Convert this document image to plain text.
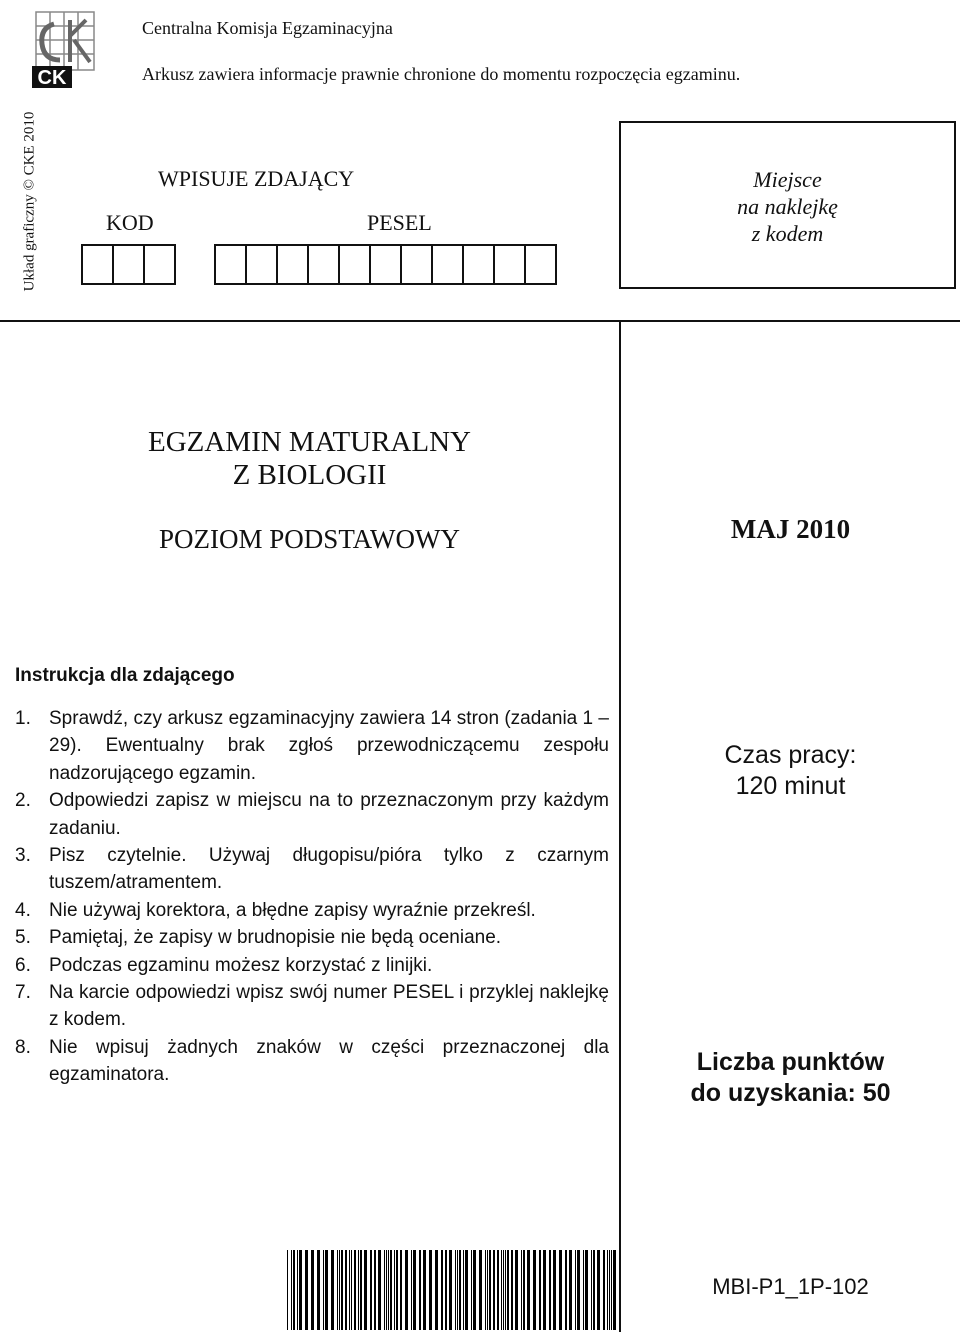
CK
Centralna Komisja Egzaminacyjna
Arkusz zawiera informacje prawnie chronione do momentu rozpoczęcia egzaminu.
Układ graficzny © CKE 2010	WPISUJE ZDAJĄCY
KOD	PESEL
Miejsce
na naklejkę
z kodem
EGZAMIN MATURALNY
Z BIOLOGII
POZIOM PODSTAWOWY	MAJ 2010
Instrukcja dla zdającego
1. Sprawdź, czy arkusz egzaminacyjny zawiera 14 stron (zadania 1 – 29). Ewentualny brak zgłoś przewodniczącemu zespołu nadzorującego egzamin.
2. Odpowiedzi zapisz w miejscu na to przeznaczonym przy każdym zadaniu.
3. Pisz czytelnie. Używaj długopisu/pióra tylko z czarnym tuszem/atramentem.
4. Nie używaj korektora, a błędne zapisy wyraźnie przekreśl.
5. Pamiętaj, że zapisy w brudnopisie nie będą oceniane.
6. Podczas egzaminu możesz korzystać z linijki.
7. Na karcie odpowiedzi wpisz swój numer PESEL i przyklej naklejkę z kodem.
8. Nie wpisuj żadnych znaków w części przeznaczonej dla egzaminatora.
Czas pracy:
120 minut
Liczba punktów
do uzyskania: 50
MBI-P1_1P-102
